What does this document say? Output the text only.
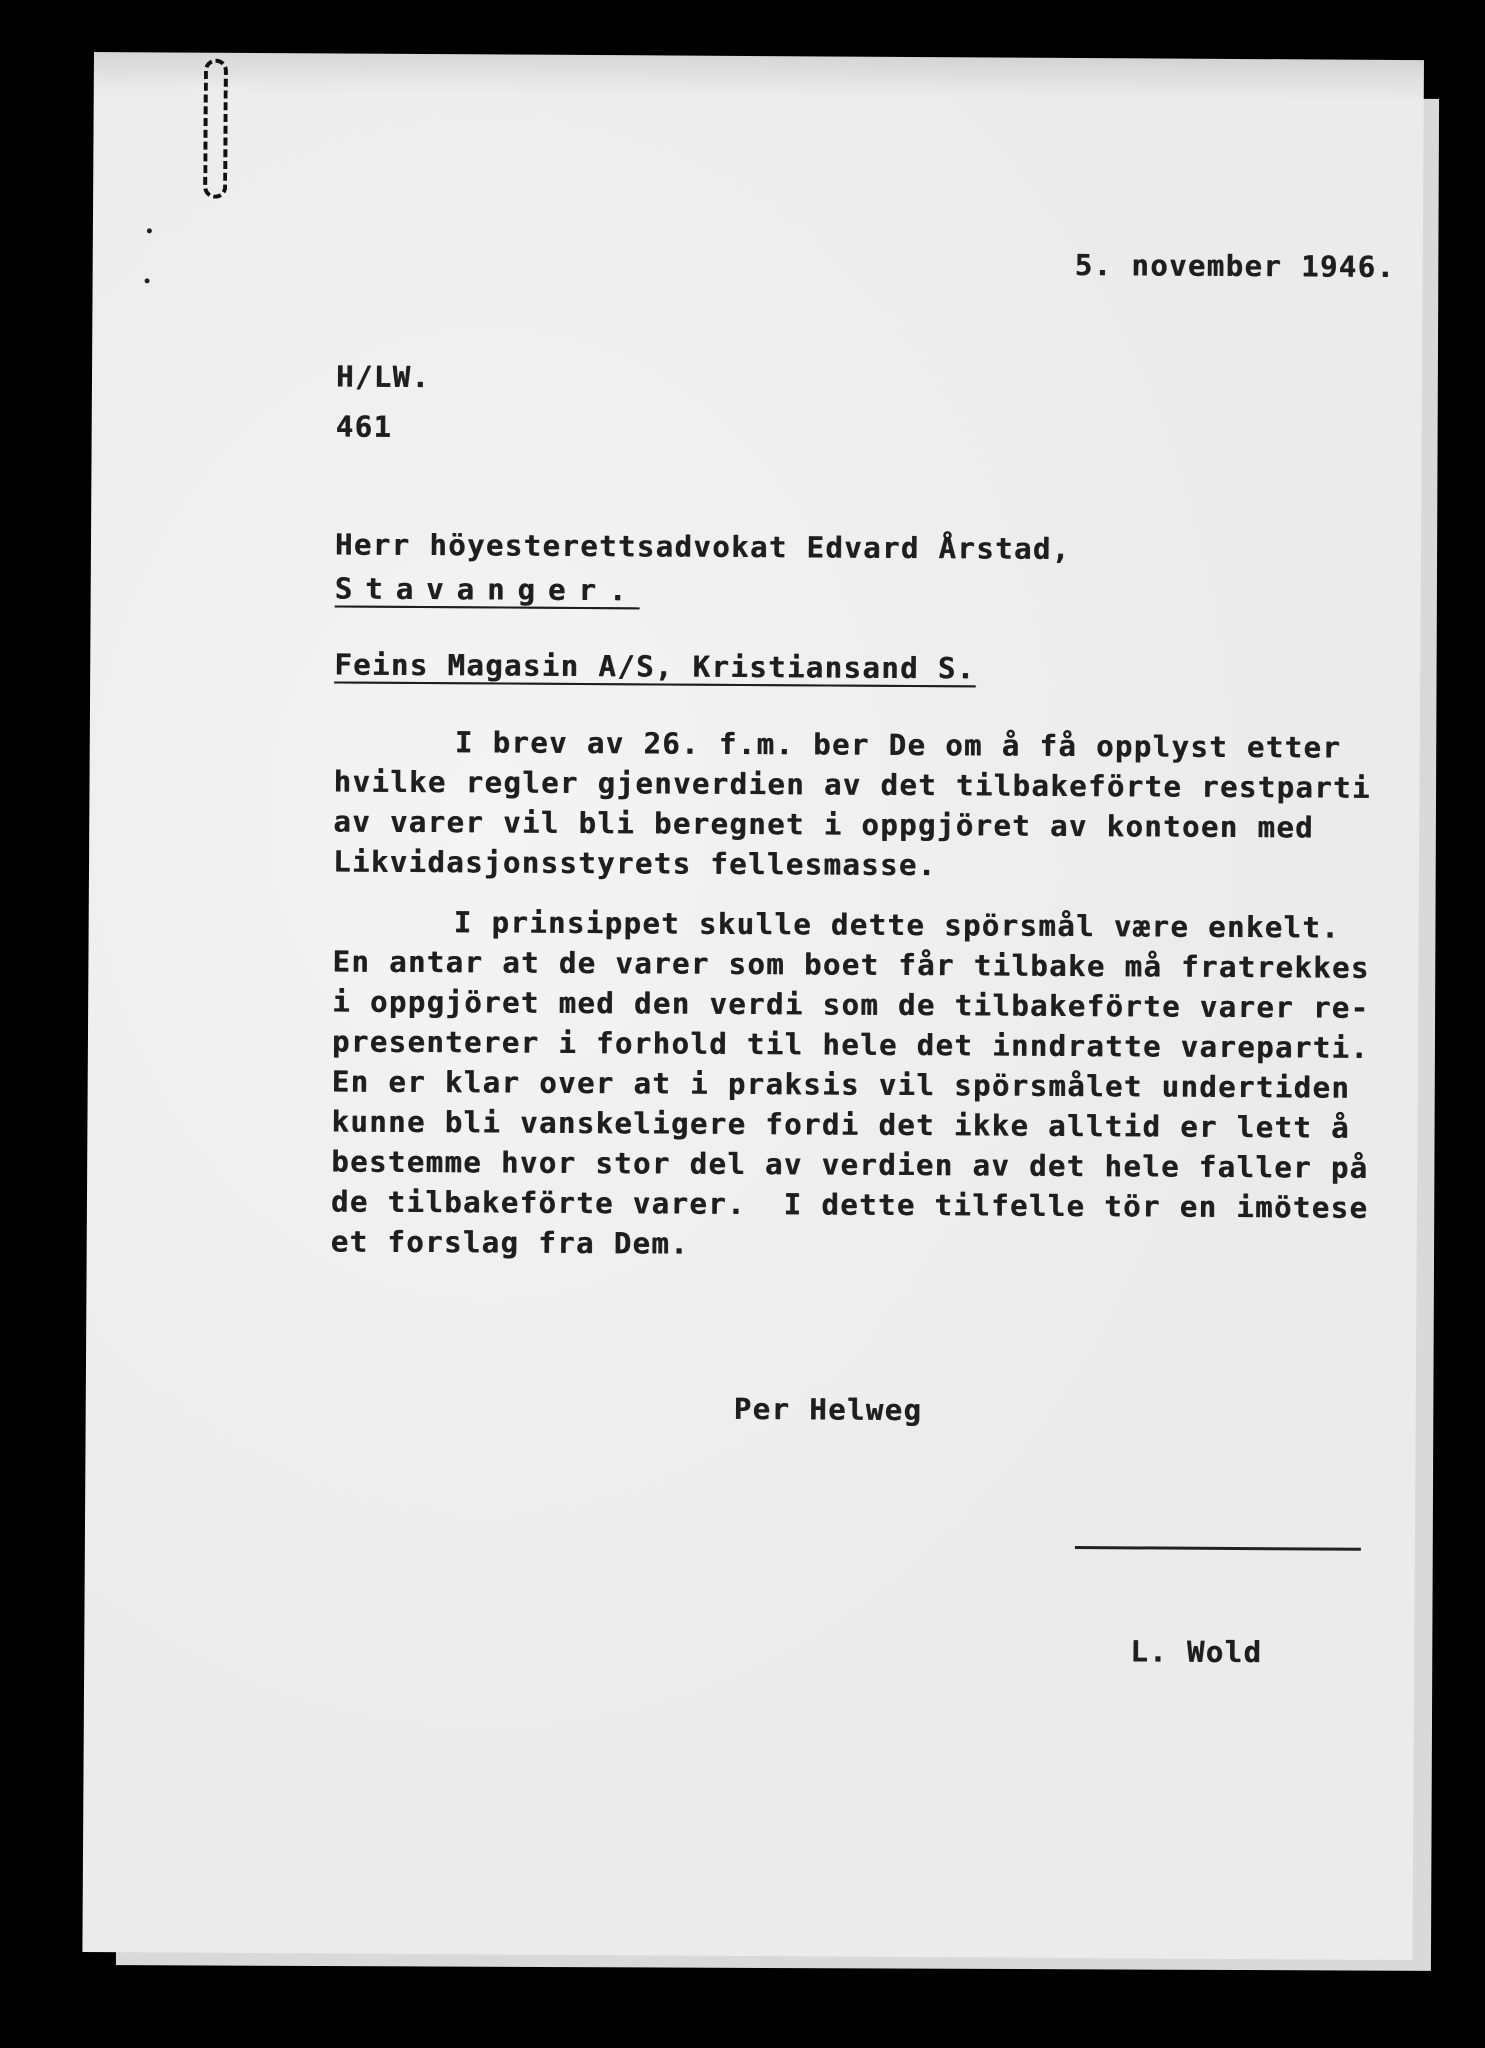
5. november 1946.
H/LW.
461
Herr höyesterettsadvokat Edvard Årstad,
Stavanger.
Feins Magasin A/S, Kristiansand S.
I brev av 26. f.m. ber De om å få opplyst etter
hvilke regler gjenverdien av det tilbakeförte restparti
av varer vil bli beregnet i oppgjöret av kontoen med
Likvidasjonsstyrets fellesmasse.
I prinsippet skulle dette spörsmål være enkelt.
En antar at de varer som boet får tilbake må fratrekkes
i oppgjöret med den verdi som de tilbakeförte varer re-
presenterer i forhold til hele det inndratte vareparti.
En er klar over at i praksis vil spörsmålet undertiden
kunne bli vanskeligere fordi det ikke alltid er lett å
bestemme hvor stor del av verdien av det hele faller på
de tilbakeförte varer.  I dette tilfelle tör en imötese
et forslag fra Dem.
Per Helweg
L. Wold
